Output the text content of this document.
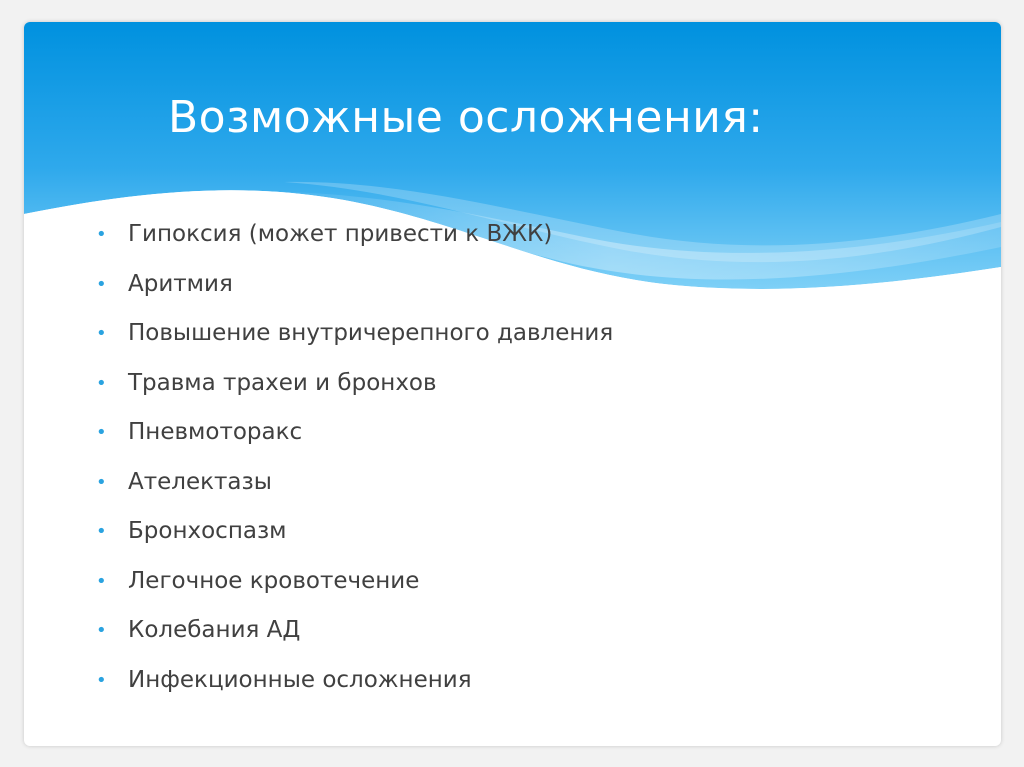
Возможные осложнения:
• Гипоксия (может привести к ВЖК)
• Аритмия
• Повышение внутричерепного давления
• Травма трахеи и бронхов
• Пневмоторакс
• Ателектазы
• Бронхоспазм
• Легочное кровотечение
• Колебания АД
• Инфекционные осложнения
